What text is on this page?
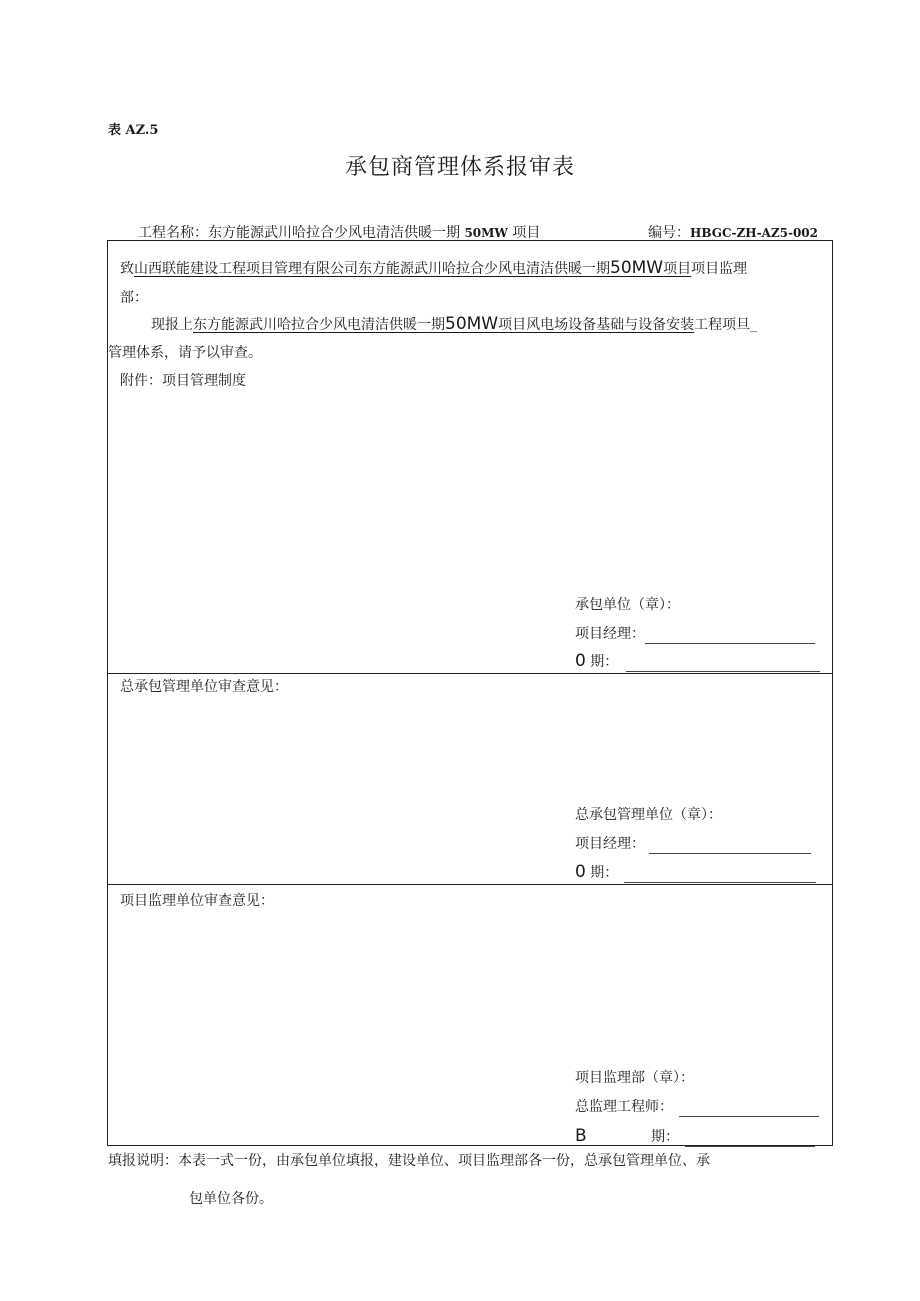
表 AZ.5
承包商管理体系报审表
工程名称：东方能源武川哈拉合少风电清洁供暖一期 50MW 项目	编号：HBGC-ZH-AZ5-002
致山西联能建设工程项目管理有限公司东方能源武川哈拉合少风电清洁供暖一期50MW项目项目监理
部：
现报上东方能源武川哈拉合少风电清洁供暖一期50MW项目风电场设备基础与设备安装工程项旦_
管理体系，请予以审查。
附件：项目管理制度
承包单位（章）：
项目经理：
0 期：
总承包管理单位审查意见：
总承包管理单位（章）：
项目经理：
0 期：
项目监理单位审查意见：
项目监理部（章）：
总监理工程师：
B	期：
填报说明：本表一式一份，由承包单位填报，建设单位、项目监理部各一份，总承包管理单位、承
包单位各份。
